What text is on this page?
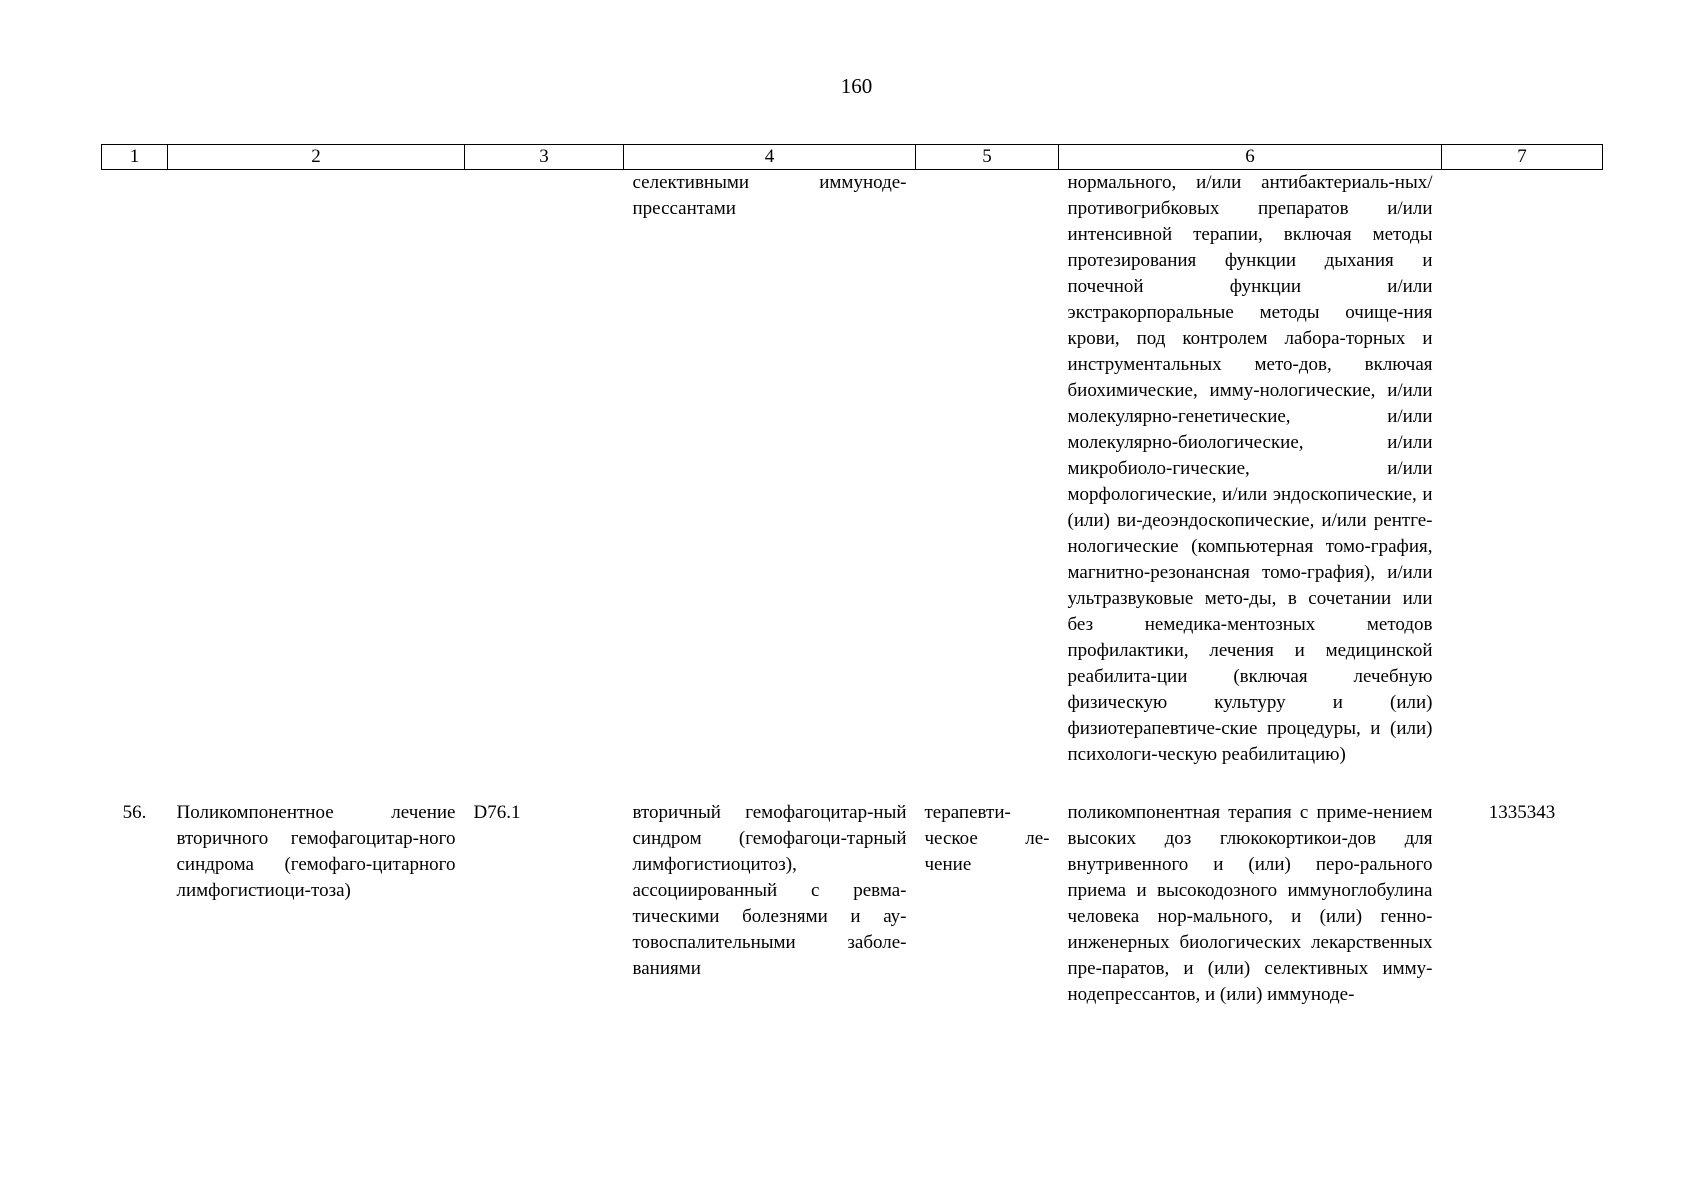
160
1	2	3	4	5	6	7
			селективными иммуноде-прессантами		нормального, и/или антибактериаль-ных/противогрибковых препаратов и/или интенсивной терапии, включая методы протезирования функции дыхания и почечной функции и/или экстракорпоральные методы очище-ния крови, под контролем лабора-торных и инструментальных мето-дов, включая биохимические, имму-нологические, и/или молекулярно-генетические, и/или молекулярно-биологические, и/или микробиоло-гические, и/или морфологические, и/или эндоскопические, и (или) ви-деоэндоскопические, и/или рентге-нологические (компьютерная томо-графия, магнитно-резонансная томо-графия), и/или ультразвуковые мето-ды, в сочетании или без немедика-ментозных методов профилактики, лечения и медицинской реабилита-ции (включая лечебную физическую культуру и (или) физиотерапевтиче-ские процедуры, и (или) психологи-ческую реабилитацию)	

56.	Поликомпонентное лечение вторичного гемофагоцитар-ного синдрома (гемофаго-цитарного лимфогистиоци-тоза)	D76.1	вторичный гемофагоцитар-ный синдром (гемофагоци-тарный лимфогистиоцитоз), ассоциированный с ревма-тическими болезнями и ау-товоспалительными заболе-ваниями	терапевти-ческое ле-чение	поликомпонентная терапия с приме-нением высоких доз глюкокортикои-дов для внутривенного и (или) перо-рального приема и высокодозного иммуноглобулина человека нор-мального, и (или) генно-инженерных биологических лекарственных пре-паратов, и (или) селективных имму-нодепрессантов, и (или) иммуноде-	1335343
